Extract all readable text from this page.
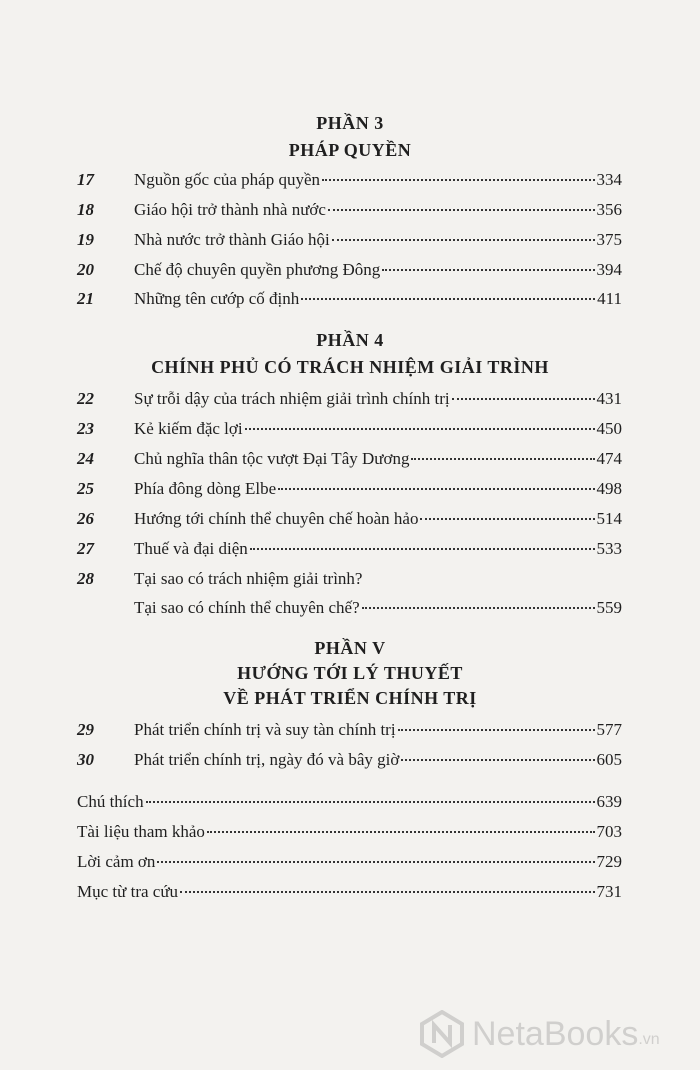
PHẦN 3
PHÁP QUYỀN
17 Nguồn gốc của pháp quyền	334
18 Giáo hội trở thành nhà nước	356
19 Nhà nước trở thành Giáo hội	375
20 Chế độ chuyên quyền phương Đông	394
21 Những tên cướp cố định	411
PHẦN 4
CHÍNH PHỦ CÓ TRÁCH NHIỆM GIẢI TRÌNH
22 Sự trỗi dậy của trách nhiệm giải trình chính trị	431
23 Kẻ kiếm đặc lợi	450
24 Chủ nghĩa thân tộc vượt Đại Tây Dương	474
25 Phía đông dòng Elbe	498
26 Hướng tới chính thể chuyên chế hoàn hảo	514
27 Thuế và đại diện	533
28 Tại sao có trách nhiệm giải trình?
Tại sao có chính thể chuyên chế?	559
PHẦN V
HƯỚNG TỚI LÝ THUYẾT
VỀ PHÁT TRIỂN CHÍNH TRỊ
29 Phát triển chính trị và suy tàn chính trị	577
30 Phát triển chính trị, ngày đó và bây giờ	605
Chú thích	639
Tài liệu tham khảo	703
Lời cảm ơn	729
Mục từ tra cứu	731
NetaBooks .vn
